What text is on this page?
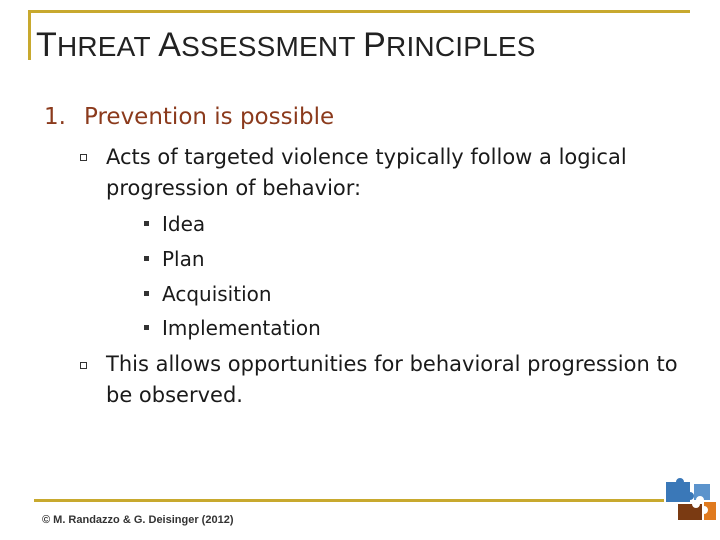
THREAT ASSESSMENT PRINCIPLES
1. Prevention is possible
Acts of targeted violence typically follow a logical
progression of behavior:
Idea
Plan
Acquisition
Implementation
This allows opportunities for behavioral progression to
be observed.
© M. Randazzo & G. Deisinger (2012)
